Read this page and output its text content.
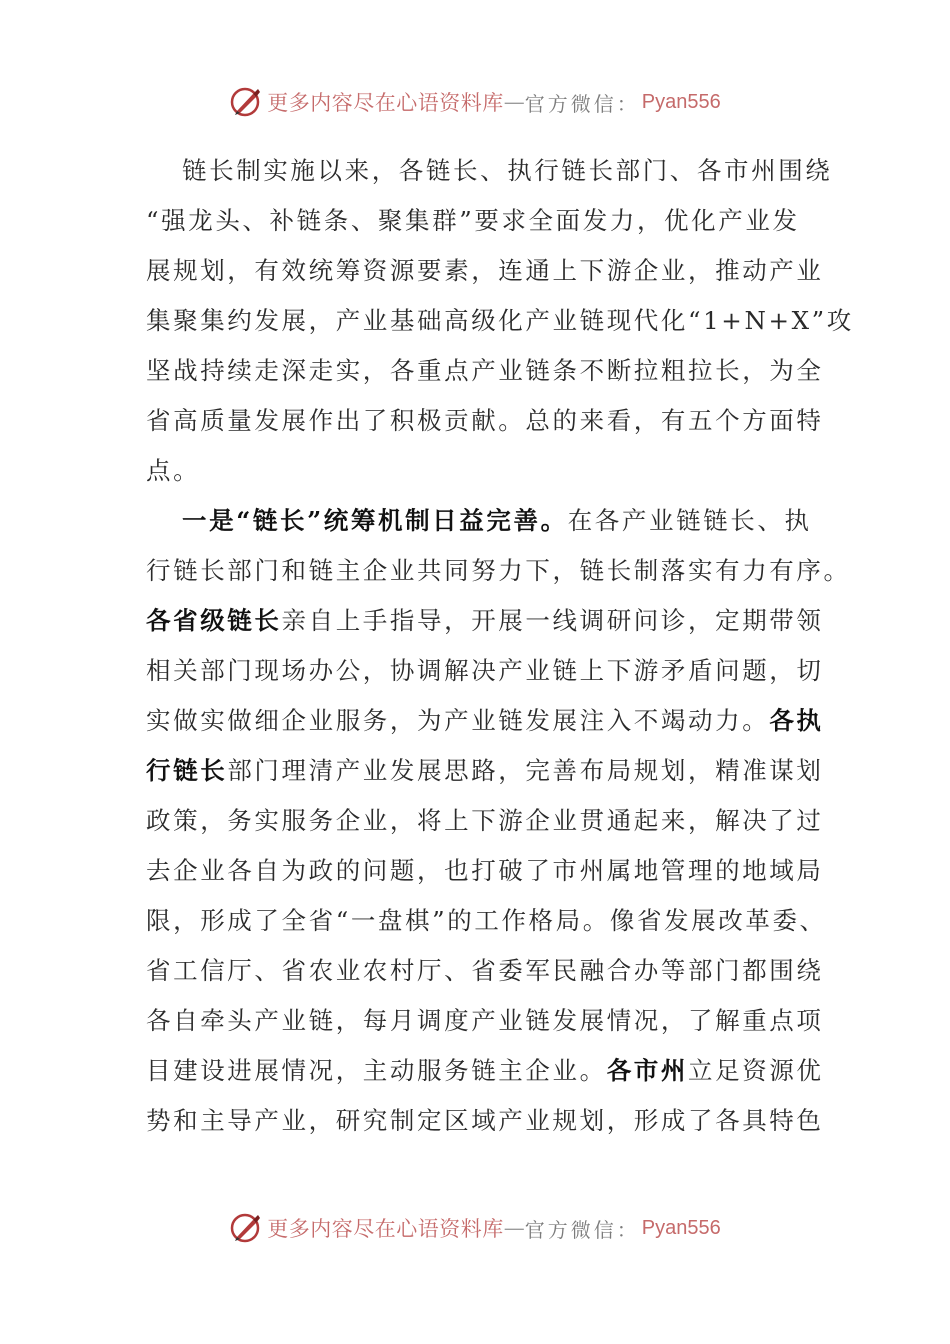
更多内容尽在心语资料库 — 官方微信： Pyan556
链长制实施以来，各链长、执行链长部门、各市州围绕
“强龙头、补链条、聚集群”要求全面发力，优化产业发
展规划，有效统筹资源要素，连通上下游企业，推动产业
集聚集约发展，产业基础高级化产业链现代化“1+N+X”攻
坚战持续走深走实，各重点产业链条不断拉粗拉长，为全
省高质量发展作出了积极贡献。总的来看，有五个方面特
点。
一是“链长”统筹机制日益完善。在各产业链链长、执
行链长部门和链主企业共同努力下，链长制落实有力有序。
各省级链长亲自上手指导，开展一线调研问诊，定期带领
相关部门现场办公，协调解决产业链上下游矛盾问题，切
实做实做细企业服务，为产业链发展注入不竭动力。各执
行链长部门理清产业发展思路，完善布局规划，精准谋划
政策，务实服务企业，将上下游企业贯通起来，解决了过
去企业各自为政的问题，也打破了市州属地管理的地域局
限，形成了全省“一盘棋”的工作格局。像省发展改革委、
省工信厅、省农业农村厅、省委军民融合办等部门都围绕
各自牵头产业链，每月调度产业链发展情况，了解重点项
目建设进展情况，主动服务链主企业。各市州立足资源优
势和主导产业，研究制定区域产业规划，形成了各具特色
更多内容尽在心语资料库 — 官方微信： Pyan556
